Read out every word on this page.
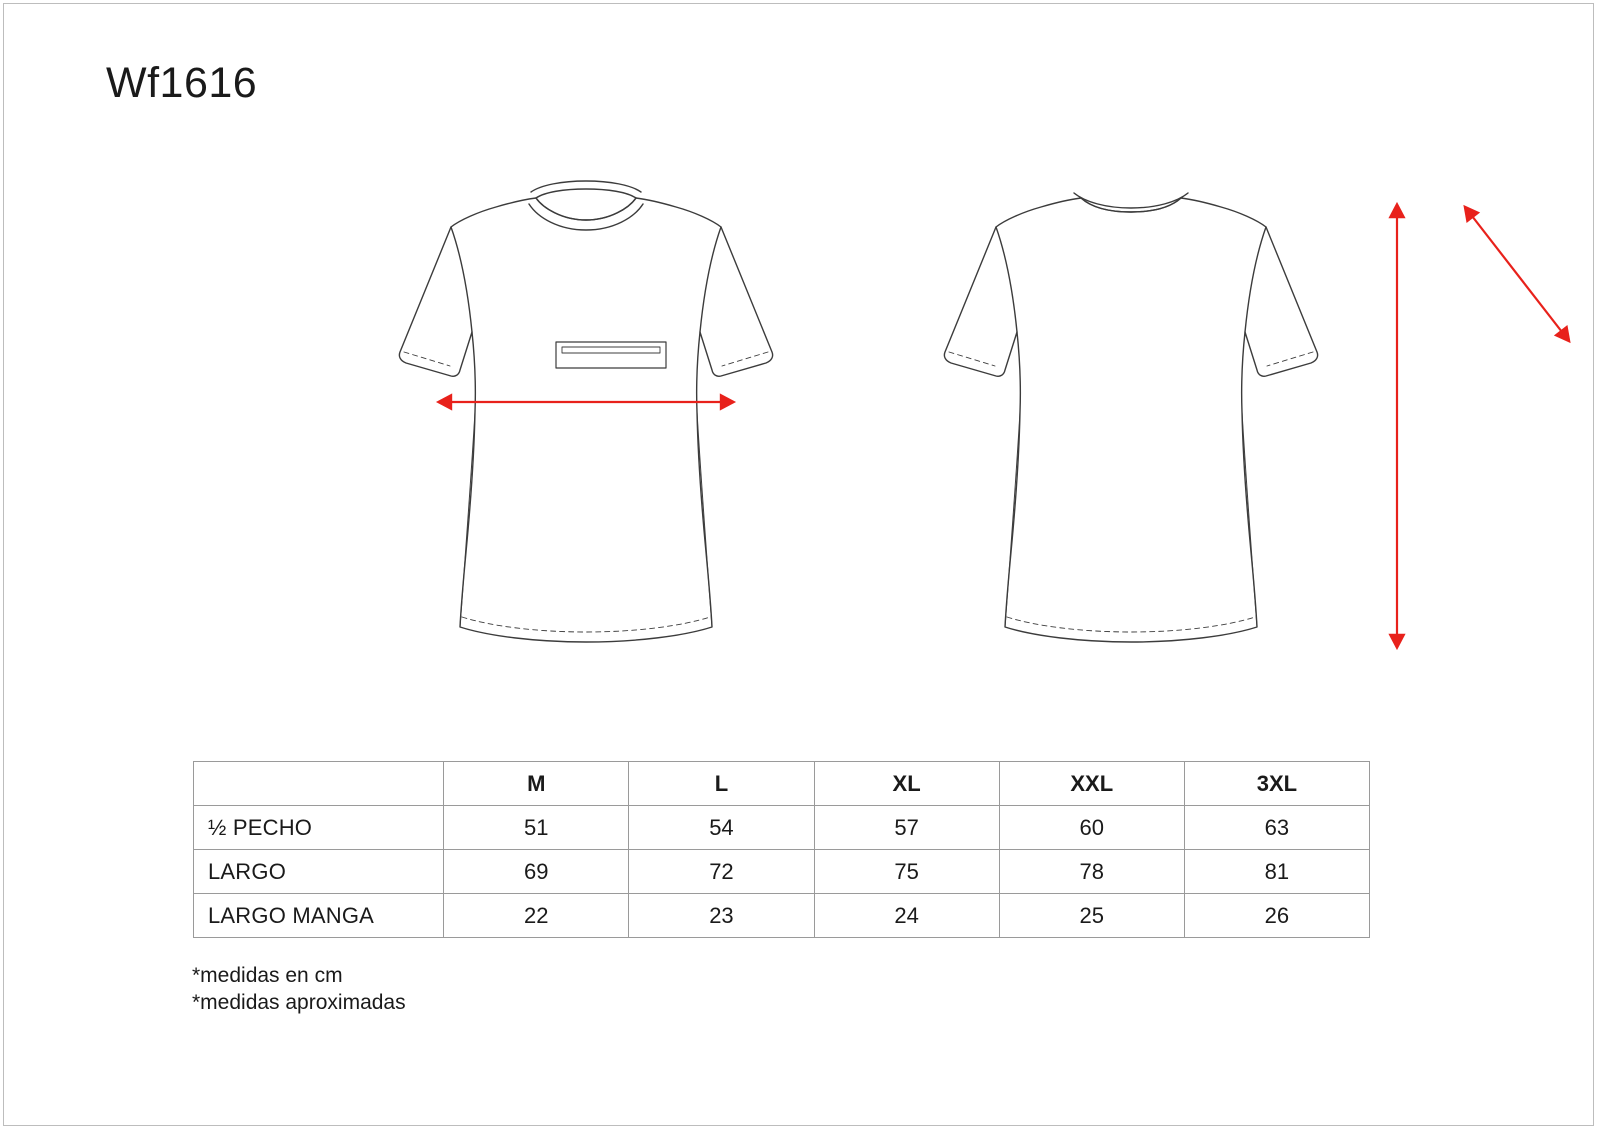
Wf1616
	M	L	XL	XXL	3XL
½ PECHO	51	54	57	60	63
LARGO	69	72	75	78	81
LARGO MANGA	22	23	24	25	26
*medidas en cm
*medidas aproximadas
